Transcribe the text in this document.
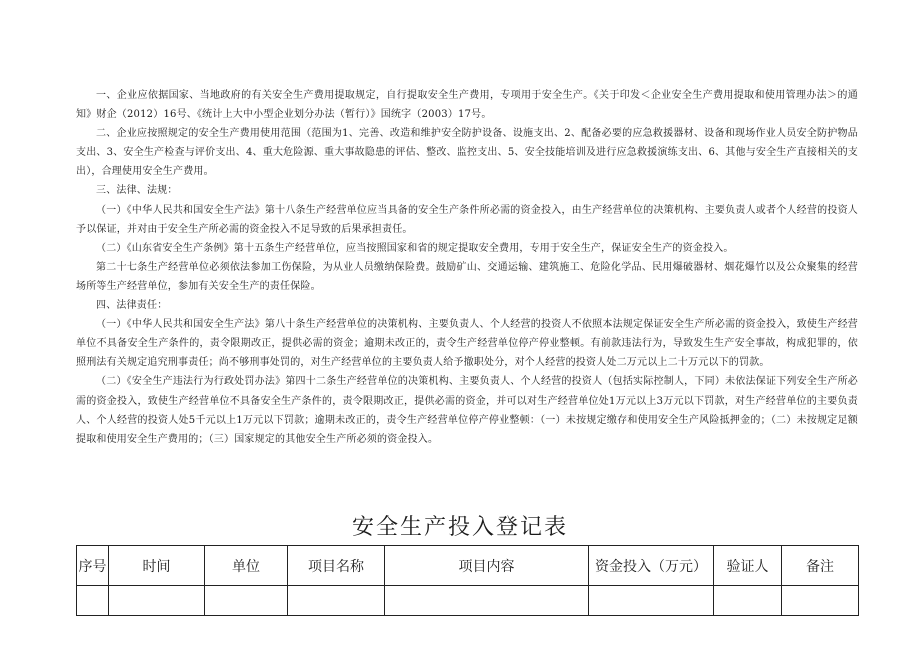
一、企业应依据国家、当地政府的有关安全生产费用提取规定，自行提取安全生产费用，专项用于安全生产。《关于印发＜企业安全生产费用提取和使用管理办法＞的通知》财企（2012）16号、《统计上大中小型企业划分办法（暂行）》国统字（2003）17号。

二、企业应按照规定的安全生产费用使用范围（范围为1、完善、改造和维护安全防护设备、设施支出、2、配备必要的应急救援器材、设备和现场作业人员安全防护物品支出、3、安全生产检查与评价支出、4、重大危险源、重大事故隐患的评估、整改、监控支出、5、安全技能培训及进行应急救援演练支出、6、其他与安全生产直接相关的支出），合理使用安全生产费用。

三、法律、法规：

（一）《中华人民共和国安全生产法》第十八条生产经营单位应当具备的安全生产条件所必需的资金投入，由生产经营单位的决策机构、主要负责人或者个人经营的投资人予以保证，并对由于安全生产所必需的资金投入不足导致的后果承担责任。

（二）《山东省安全生产条例》第十五条生产经营单位，应当按照国家和省的规定提取安全费用，专用于安全生产，保证安全生产的资金投入。

第二十七条生产经营单位必须依法参加工伤保险，为从业人员缴纳保险费。鼓励矿山、交通运输、建筑施工、危险化学品、民用爆破器材、烟花爆竹以及公众聚集的经营场所等生产经营单位，参加有关安全生产的责任保险。

四、法律责任：

（一）《中华人民共和国安全生产法》第八十条生产经营单位的决策机构、主要负责人、个人经营的投资人不依照本法规定保证安全生产所必需的资金投入，致使生产经营单位不具备安全生产条件的，责令限期改正，提供必需的资金；逾期未改正的，责令生产经营单位停产停业整顿。有前款违法行为，导致发生生产安全事故，构成犯罪的，依照刑法有关规定追究刑事责任；尚不够刑事处罚的，对生产经营单位的主要负责人给予撤职处分，对个人经营的投资人处二万元以上二十万元以下的罚款。

（二）《安全生产违法行为行政处罚办法》第四十二条生产经营单位的决策机构、主要负责人、个人经营的投资人（包括实际控制人，下同）未依法保证下列安全生产所必需的资金投入，致使生产经营单位不具备安全生产条件的，责令限期改正，提供必需的资金，并可以对生产经营单位处1万元以上3万元以下罚款，对生产经营单位的主要负责人、个人经营的投资人处5千元以上1万元以下罚款；逾期未改正的，责令生产经营单位停产停业整顿：（一）未按规定缴存和使用安全生产风险抵押金的；（二）未按规定足额提取和使用安全生产费用的；（三）国家规定的其他安全生产所必须的资金投入。

安全生产投入登记表
序号	时间	单位	项目名称	项目内容	资金投入（万元）	验证人	备注
